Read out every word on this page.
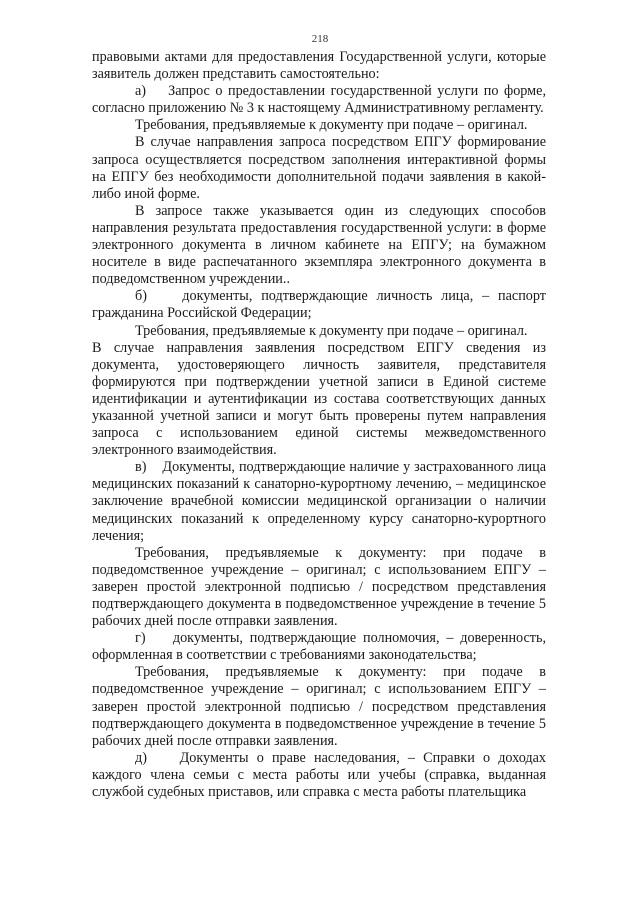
218

правовыми актами для предоставления Государственной услуги, которые заявитель должен представить самостоятельно:

а)    Запрос о предоставлении государственной услуги по форме, согласно приложению № 3 к настоящему Административному регламенту.

Требования, предъявляемые к документу при подаче – оригинал.

В случае направления запроса посредством ЕПГУ формирование запроса осуществляется посредством заполнения интерактивной формы на ЕПГУ без необходимости дополнительной подачи заявления в какой-либо иной форме.

В запросе также указывается один из следующих способов направления результата предоставления государственной услуги: в форме электронного документа в личном кабинете на ЕПГУ; на бумажном носителе в виде распечатанного экземпляра электронного документа в подведомственном учреждении..

б)    документы, подтверждающие личность лица, – паспорт гражданина Российской Федерации;

Требования, предъявляемые к документу при подаче – оригинал.

В случае направления заявления посредством ЕПГУ сведения из документа, удостоверяющего личность заявителя, представителя формируются при подтверждении учетной записи в Единой системе идентификации и аутентификации из состава соответствующих данных указанной учетной записи и могут быть проверены путем направления запроса с использованием единой системы межведомственного электронного взаимодействия.

в)    Документы, подтверждающие наличие у застрахованного лица медицинских показаний к санаторно-курортному лечению, – медицинское заключение врачебной комиссии медицинской организации о наличии медицинских показаний к определенному курсу санаторно-курортного лечения;

Требования, предъявляемые к документу: при подаче в подведомственное учреждение – оригинал; с использованием ЕПГУ – заверен простой электронной подписью / посредством представления подтверждающего документа в подведомственное учреждение в течение 5 рабочих дней после отправки заявления.

г)    документы, подтверждающие полномочия, – доверенность, оформленная в соответствии с требованиями законодательства;

Требования, предъявляемые к документу: при подаче в подведомственное учреждение – оригинал; с использованием ЕПГУ – заверен простой электронной подписью / посредством представления подтверждающего документа в подведомственное учреждение в течение 5 рабочих дней после отправки заявления.

д)    Документы о праве наследования, – Справки о доходах каждого члена семьи с места работы или учебы (справка, выданная службой судебных приставов, или справка с места работы плательщика
